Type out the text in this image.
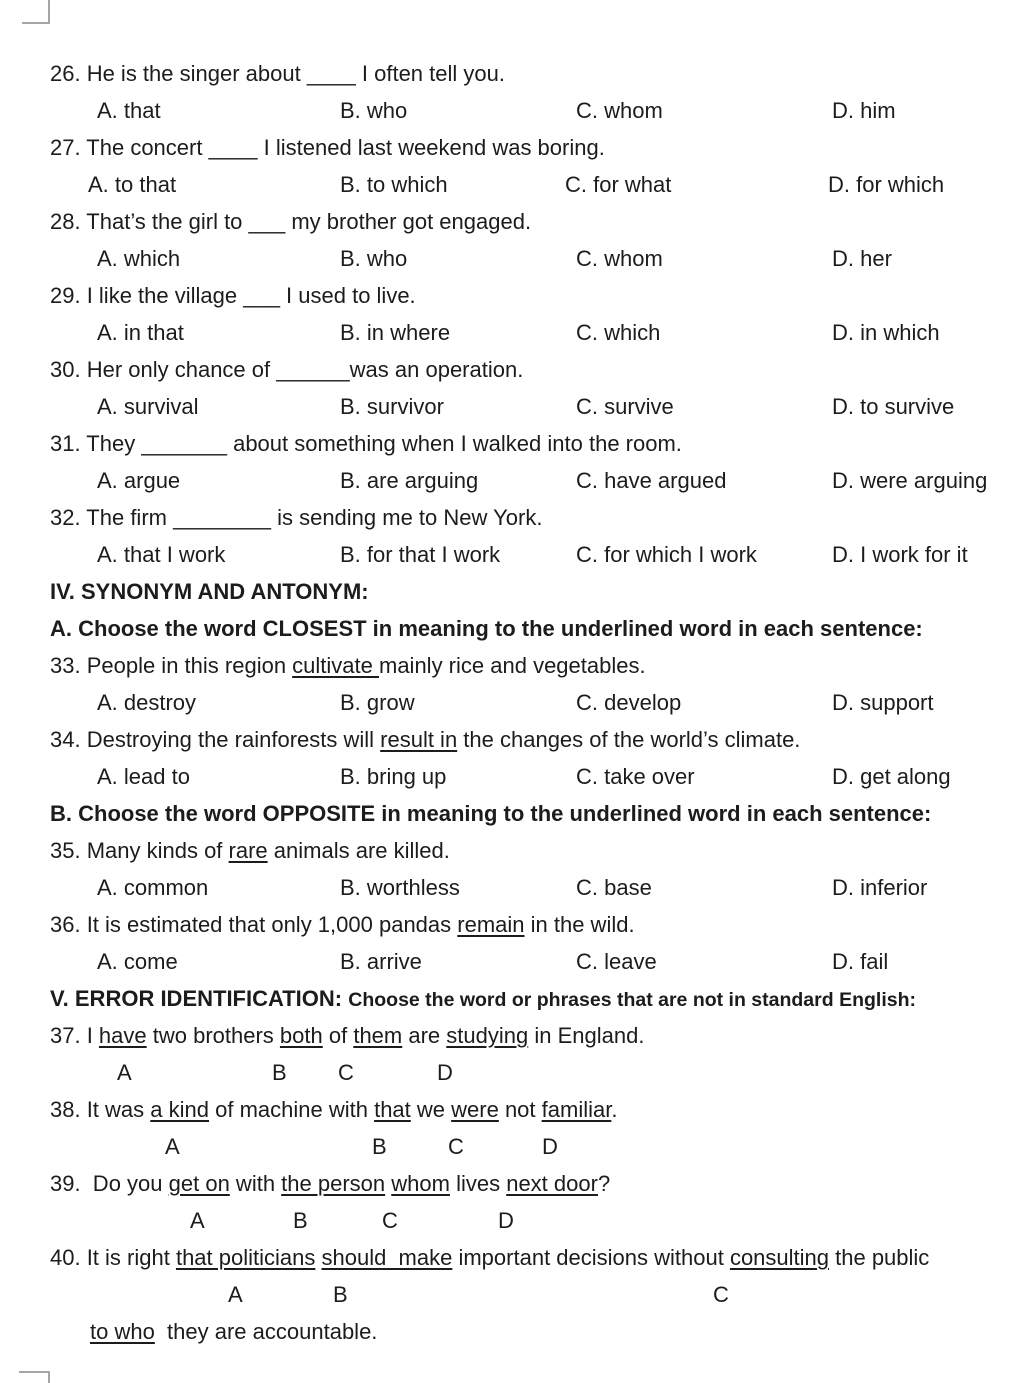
26. He is the singer about ____ I often tell you.
A. that	B. who	C. whom	D. him
27. The concert ____ I listened last weekend was boring.
A. to that	B. to which	C. for what	D. for which
28. That’s the girl to ___ my brother got engaged.
A. which	B. who	C. whom	D. her
29. I like the village ___ I used to live.
A. in that	B. in where	C. which	D. in which
30. Her only chance of ______was an operation.
A. survival	B. survivor	C. survive	D. to survive
31. They _______ about something when I walked into the room.
A. argue	B. are arguing	C. have argued	D. were arguing
32. The firm ________ is sending me to New York.
A. that I work	B. for that I work	C. for which I work	D. I work for it
IV. SYNONYM AND ANTONYM:
A. Choose the word CLOSEST in meaning to the underlined word in each sentence:
33. People in this region cultivate mainly rice and vegetables.
A. destroy	B. grow	C. develop	D. support
34. Destroying the rainforests will result in the changes of the world’s climate.
A. lead to	B. bring up	C. take over	D. get along
B. Choose the word OPPOSITE in meaning to the underlined word in each sentence:
35. Many kinds of rare animals are killed.
A. common	B. worthless	C. base	D. inferior
36. It is estimated that only 1,000 pandas remain in the wild.
A. come	B. arrive	C. leave	D. fail
V. ERROR IDENTIFICATION: Choose the word or phrases that are not in standard English:
37. I have two brothers both of them are studying in England.
A	B C	D
38. It was a kind of machine with that we were not familiar.
A	B	C	D
39.  Do you get on with the person whom lives next door?
A	B	C	D
40. It is right that politicians should  make important decisions without consulting the public
A	B	C
to who  they are accountable.
